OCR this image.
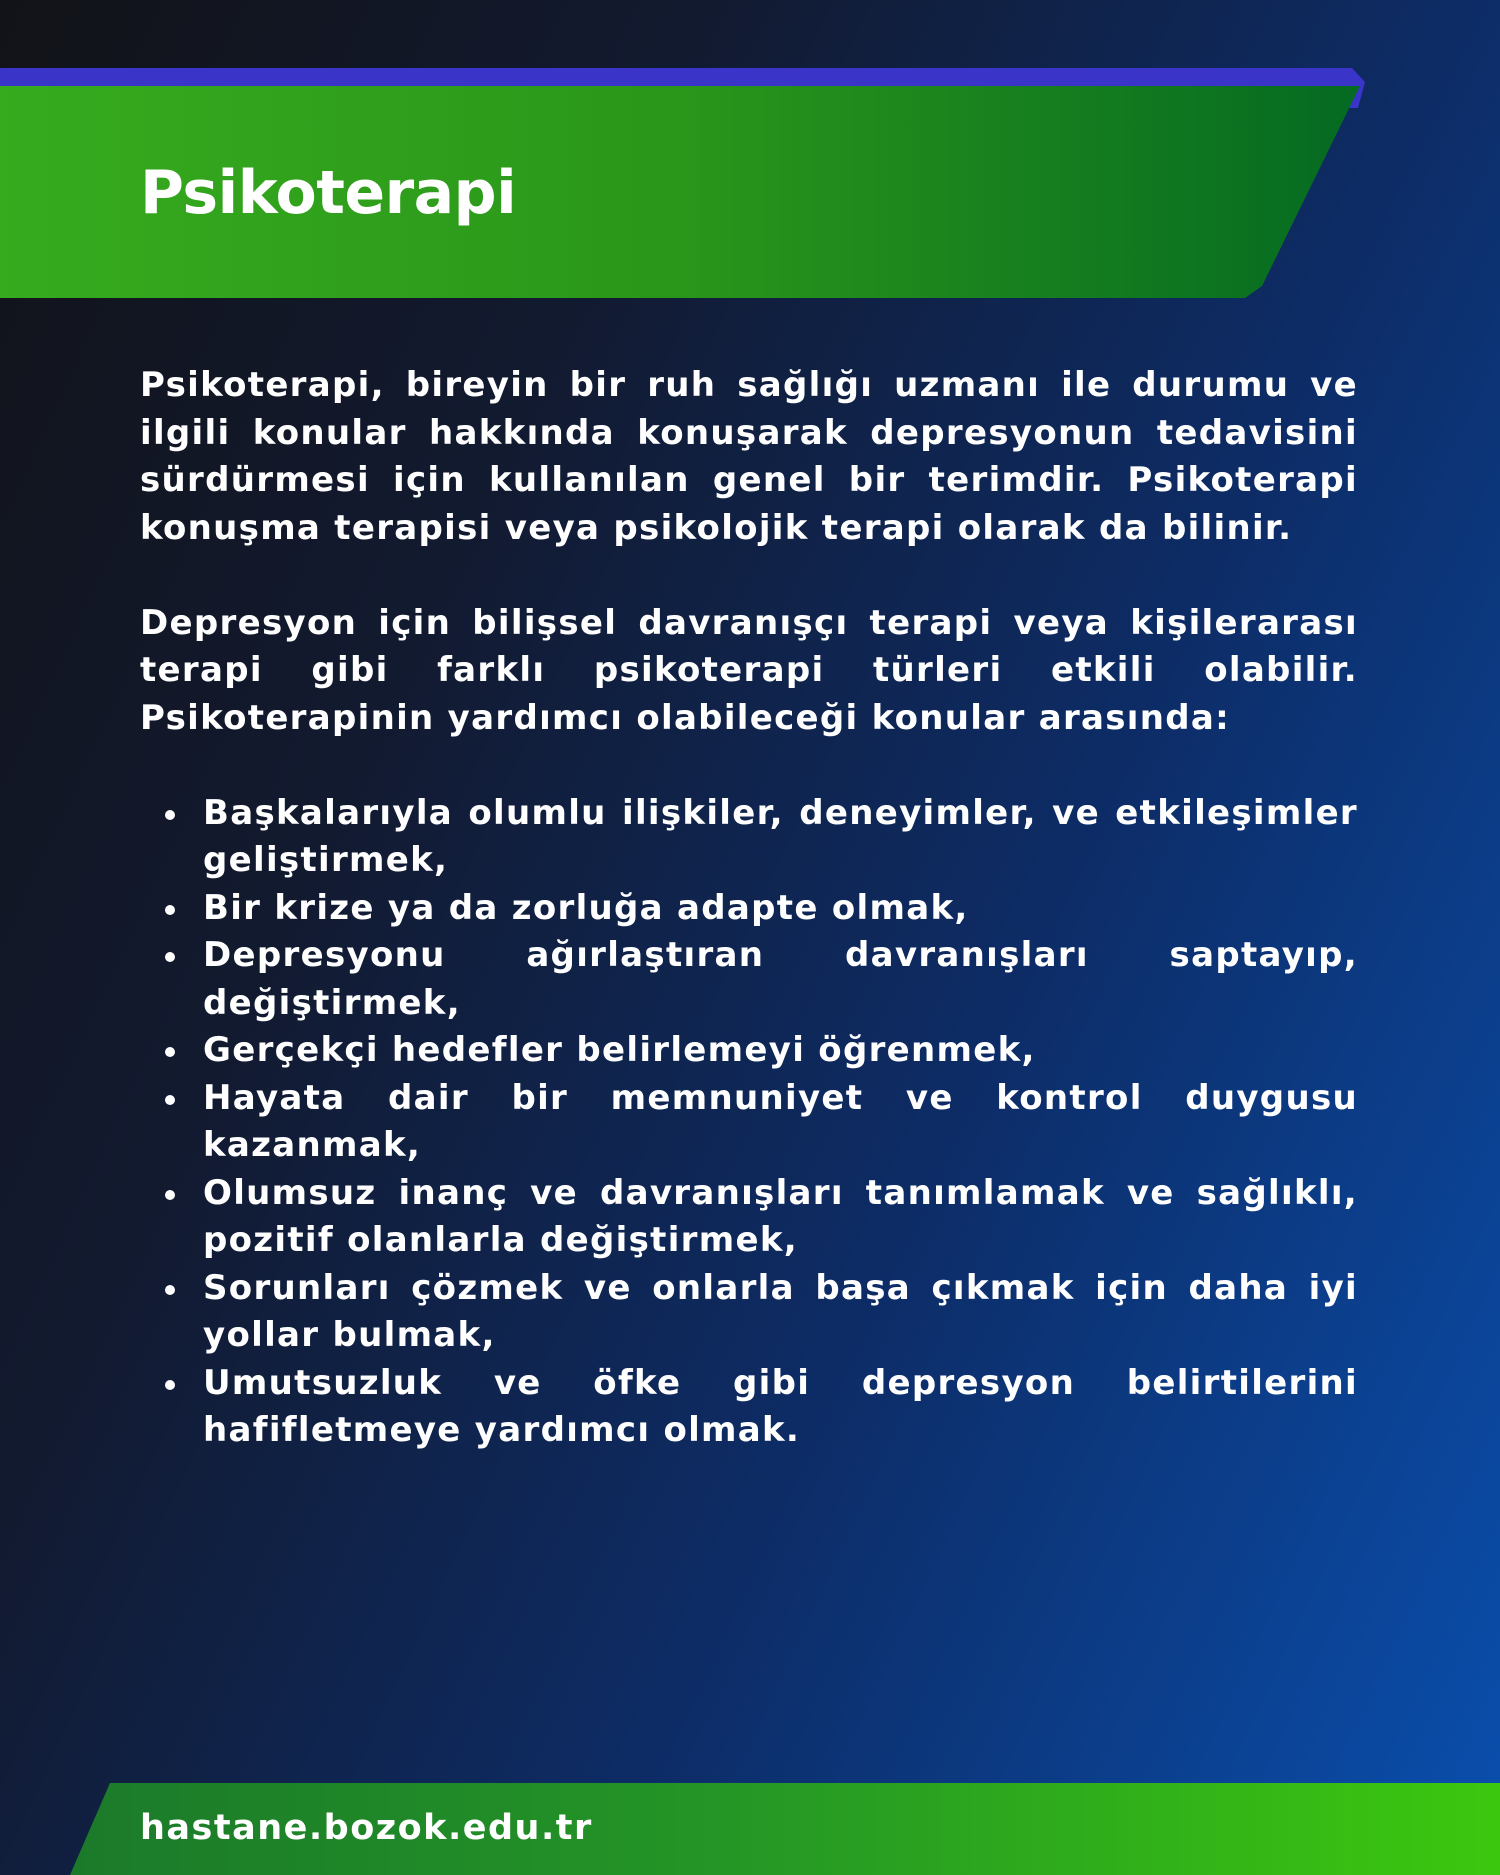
Psikoterapi

Psikoterapi, bireyin bir ruh sağlığı uzmanı ile durumu ve ilgili konular hakkında konuşarak depresyonun tedavisini sürdürmesi için kullanılan genel bir terimdir. Psikoterapi konuşma terapisi veya psikolojik terapi olarak da bilinir.

Depresyon için bilişsel davranışçı terapi veya kişilerarası terapi gibi farklı psikoterapi türleri etkili olabilir. Psikoterapinin yardımcı olabileceği konular arasında:

Başkalarıyla olumlu ilişkiler, deneyimler, ve etkileşimler geliştirmek,
Bir krize ya da zorluğa adapte olmak,
Depresyonu ağırlaştıran davranışları saptayıp, değiştirmek,
Gerçekçi hedefler belirlemeyi öğrenmek,
Hayata dair bir memnuniyet ve kontrol duygusu kazanmak,
Olumsuz inanç ve davranışları tanımlamak ve sağlıklı, pozitif olanlarla değiştirmek,
Sorunları çözmek ve onlarla başa çıkmak için daha iyi yollar bulmak,
Umutsuzluk ve öfke gibi depresyon belirtilerini hafifletmeye yardımcı olmak.
hastane.bozok.edu.tr
